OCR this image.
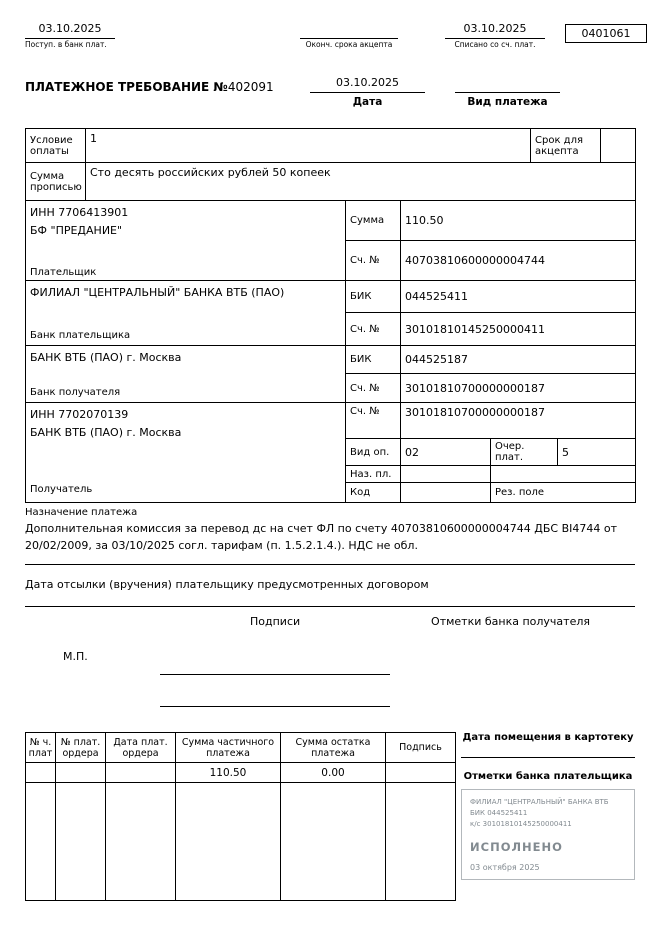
03.10.2025
Поступ. в банк плат.
	Оконч. срока акцепта
03.10.2025
Списано со сч. плат.
0401061
ПЛАТЕЖНОЕ ТРЕБОВАНИЕ №402091	03.10.2025
Дата
	Вид платежа
Условие оплаты	1				Срок для акцепта		
Сумма прописью	Сто десять российских рублей 50 копеек						

ИНН 7706413901
БФ "ПРЕДАНИЕ"
Плательщик		Сумма	110.50				
		Сч. №	40703810600000004744				

ФИЛИАЛ "ЦЕНТРАЛЬНЫЙ" БАНКА ВТБ (ПАО)
Банк плательщика		БИК	044525411				
		Сч. №	30101810145250000411				

БАНК ВТБ (ПАО) г. Москва
Банк получателя		БИК	044525187				
		Сч. №	30101810700000000187				

ИНН 7702070139
БАНК ВТБ (ПАО) г. Москва
Получатель		Сч. №	30101810700000000187				
		Вид оп.	02	Очер. плат.		5	
		Наз. пл.					
		Код		Рез. поле			
Назначение платежа
Дополнительная комиссия за перевод дс на счет ФЛ по счету 40703810600000004744 ДБС BI4744 от 20/02/2009, за 03/10/2025 согл. тарифам (п. 1.5.2.1.4.). НДС не обл.
Дата отсылки (вручения) плательщику предусмотренных договором
Подписи	Отметки банка получателя
М.П.
№ ч. плат	№ плат. ордера	Дата плат. ордера	Сумма частичного платежа	Сумма остатка платежа	Подпись
			110.50	0.00	

Дата помещения в картотеку
Отметки банка плательщика
ФИЛИАЛ "ЦЕНТРАЛЬНЫЙ" БАНКА ВТБ
БИК 044525411
к/с 30101810145250000411
ИСПОЛНЕНО
03 октября 2025
